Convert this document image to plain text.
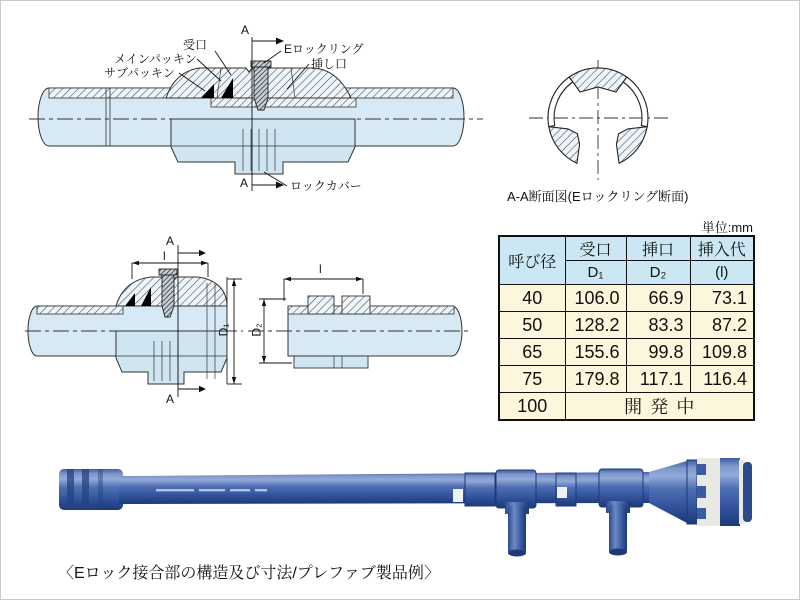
A
受口
メインパッキン
サブパッキン
Eロックリング
挿し口
A	ロックカバー
A-A断面図(Eロックリング断面)
A
l
A
D₁
l
D₂
単位:mm
呼び径	受口	挿口	挿入代
	D₁	D₂	(l)
40	106.0	66.9	73.1
50	128.2	83.3	87.2
65	155.6	99.8	109.8
75	179.8	117.1	116.4
100	開発中		
〈Eロック接合部の構造及び寸法/プレファブ製品例〉
